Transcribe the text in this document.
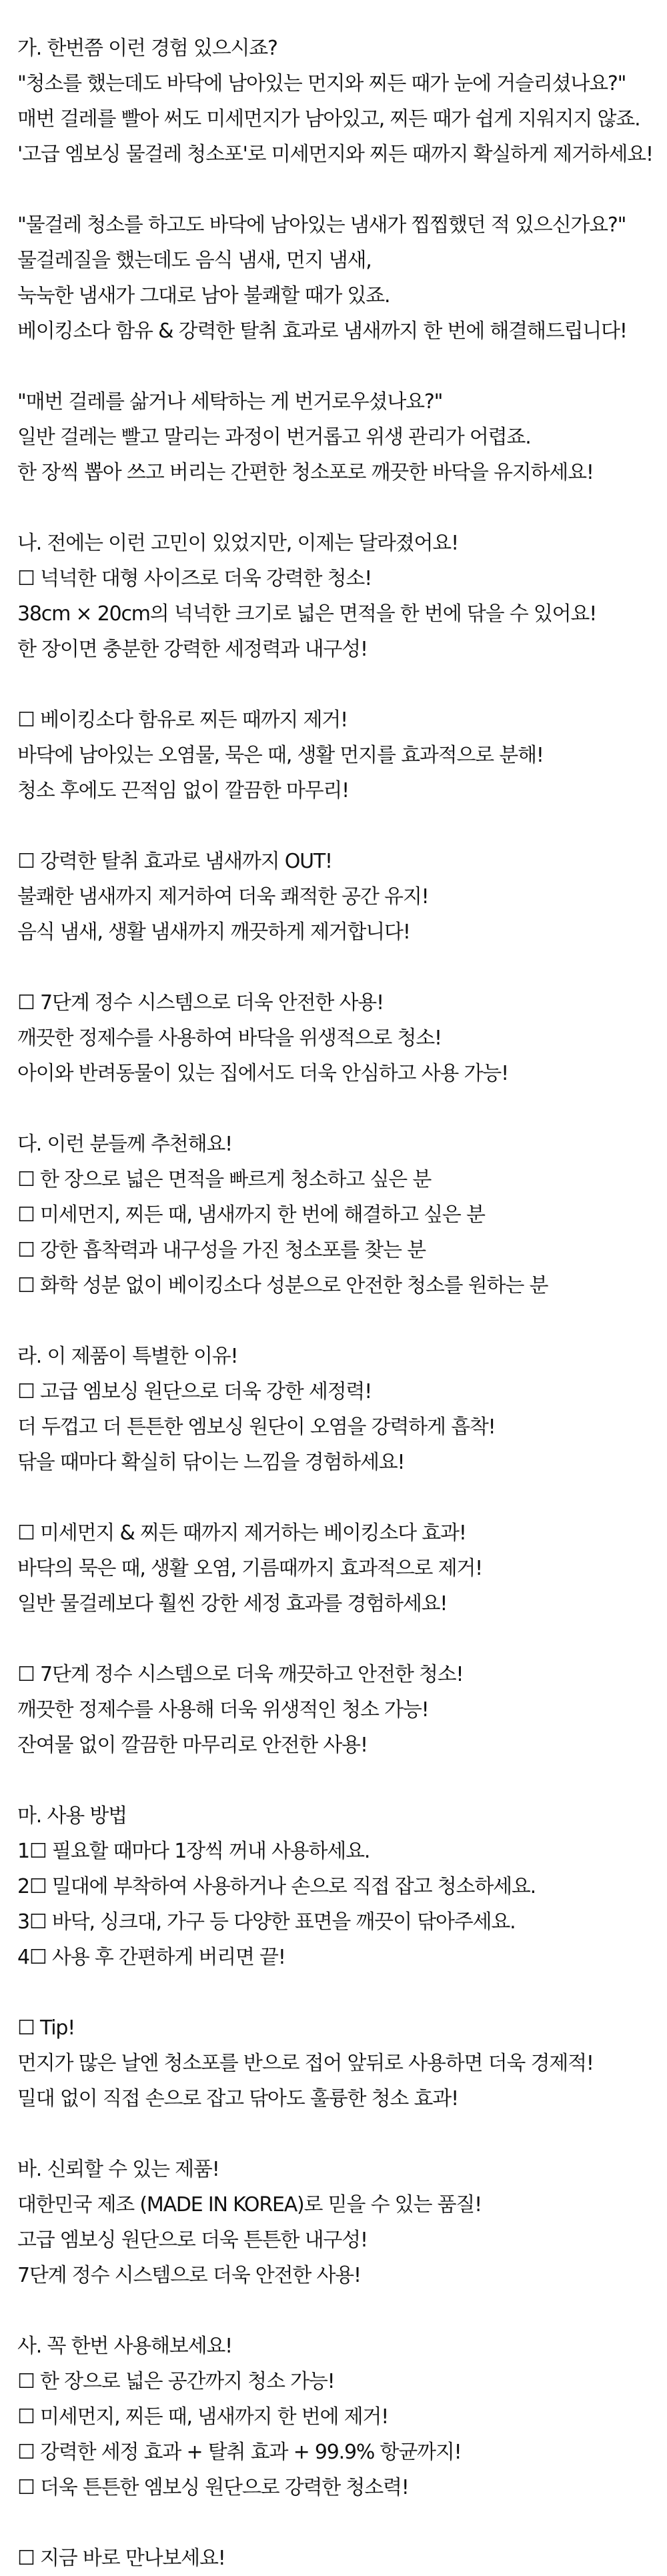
가. 한번쯤 이런 경험 있으시죠?
"청소를 했는데도 바닥에 남아있는 먼지와 찌든 때가 눈에 거슬리셨나요?"
매번 걸레를 빨아 써도 미세먼지가 남아있고, 찌든 때가 쉽게 지워지지 않죠.
'고급 엠보싱 물걸레 청소포'로 미세먼지와 찌든 때까지 확실하게 제거하세요!
"물걸레 청소를 하고도 바닥에 남아있는 냄새가 찝찝했던 적 있으신가요?"
물걸레질을 했는데도 음식 냄새, 먼지 냄새,
눅눅한 냄새가 그대로 남아 불쾌할 때가 있죠.
베이킹소다 함유 & 강력한 탈취 효과로 냄새까지 한 번에 해결해드립니다!
"매번 걸레를 삶거나 세탁하는 게 번거로우셨나요?"
일반 걸레는 빨고 말리는 과정이 번거롭고 위생 관리가 어렵죠.
한 장씩 뽑아 쓰고 버리는 간편한 청소포로 깨끗한 바닥을 유지하세요!
나. 전에는 이런 고민이 있었지만, 이제는 달라졌어요!
☐ 넉넉한 대형 사이즈로 더욱 강력한 청소!
38cm × 20cm의 넉넉한 크기로 넓은 면적을 한 번에 닦을 수 있어요!
한 장이면 충분한 강력한 세정력과 내구성!
☐ 베이킹소다 함유로 찌든 때까지 제거!
바닥에 남아있는 오염물, 묵은 때, 생활 먼지를 효과적으로 분해!
청소 후에도 끈적임 없이 깔끔한 마무리!
☐ 강력한 탈취 효과로 냄새까지 OUT!
불쾌한 냄새까지 제거하여 더욱 쾌적한 공간 유지!
음식 냄새, 생활 냄새까지 깨끗하게 제거합니다!
☐ 7단계 정수 시스템으로 더욱 안전한 사용!
깨끗한 정제수를 사용하여 바닥을 위생적으로 청소!
아이와 반려동물이 있는 집에서도 더욱 안심하고 사용 가능!
다. 이런 분들께 추천해요!
☐ 한 장으로 넓은 면적을 빠르게 청소하고 싶은 분
☐ 미세먼지, 찌든 때, 냄새까지 한 번에 해결하고 싶은 분
☐ 강한 흡착력과 내구성을 가진 청소포를 찾는 분
☐ 화학 성분 없이 베이킹소다 성분으로 안전한 청소를 원하는 분
라. 이 제품이 특별한 이유!
☐ 고급 엠보싱 원단으로 더욱 강한 세정력!
더 두껍고 더 튼튼한 엠보싱 원단이 오염을 강력하게 흡착!
닦을 때마다 확실히 닦이는 느낌을 경험하세요!
☐ 미세먼지 & 찌든 때까지 제거하는 베이킹소다 효과!
바닥의 묵은 때, 생활 오염, 기름때까지 효과적으로 제거!
일반 물걸레보다 훨씬 강한 세정 효과를 경험하세요!
☐ 7단계 정수 시스템으로 더욱 깨끗하고 안전한 청소!
깨끗한 정제수를 사용해 더욱 위생적인 청소 가능!
잔여물 없이 깔끔한 마무리로 안전한 사용!
마. 사용 방법
1☐ 필요할 때마다 1장씩 꺼내 사용하세요.
2☐ 밀대에 부착하여 사용하거나 손으로 직접 잡고 청소하세요.
3☐ 바닥, 싱크대, 가구 등 다양한 표면을 깨끗이 닦아주세요.
4☐ 사용 후 간편하게 버리면 끝!
☐ Tip!
먼지가 많은 날엔 청소포를 반으로 접어 앞뒤로 사용하면 더욱 경제적!
밀대 없이 직접 손으로 잡고 닦아도 훌륭한 청소 효과!
바. 신뢰할 수 있는 제품!
대한민국 제조 (MADE IN KOREA)로 믿을 수 있는 품질!
고급 엠보싱 원단으로 더욱 튼튼한 내구성!
7단계 정수 시스템으로 더욱 안전한 사용!
사. 꼭 한번 사용해보세요!
☐ 한 장으로 넓은 공간까지 청소 가능!
☐ 미세먼지, 찌든 때, 냄새까지 한 번에 제거!
☐ 강력한 세정 효과 + 탈취 효과 + 99.9% 항균까지!
☐ 더욱 튼튼한 엠보싱 원단으로 강력한 청소력!
☐ 지금 바로 만나보세요!
